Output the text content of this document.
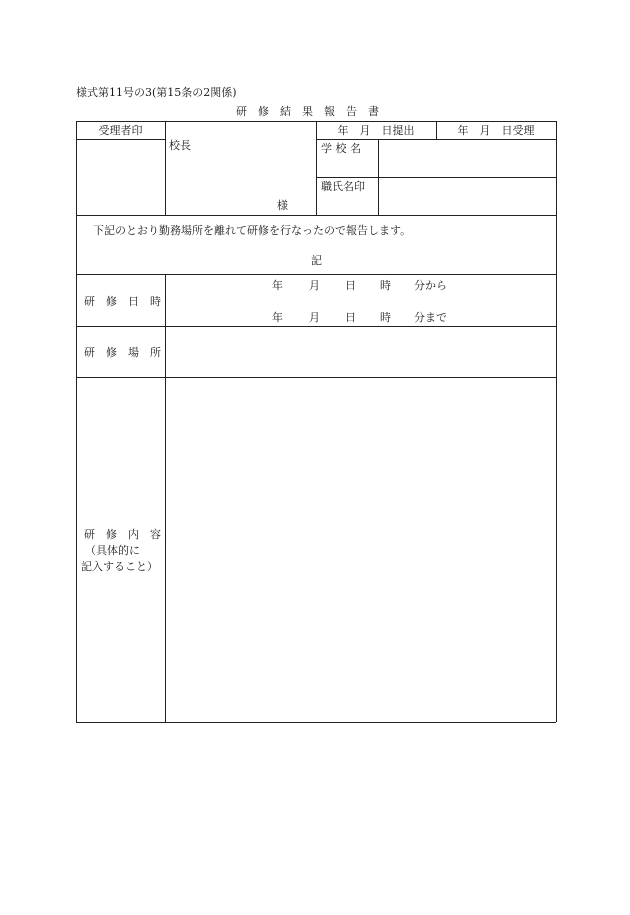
様式第11号の3(第15条の2関係)
研　修　結　果　報　告　書
受理者印
校長
様
年　月　日提出	年　月　日受理
学 校 名
職氏名印
下記のとおり勤務場所を離れて研修を行なったので報告します。
記
研　修　日　時
年 月 日 時 分から
年 月 日 時 分まで
研　修　場　所
研　修　内　容
（具体的に
記入すること）
